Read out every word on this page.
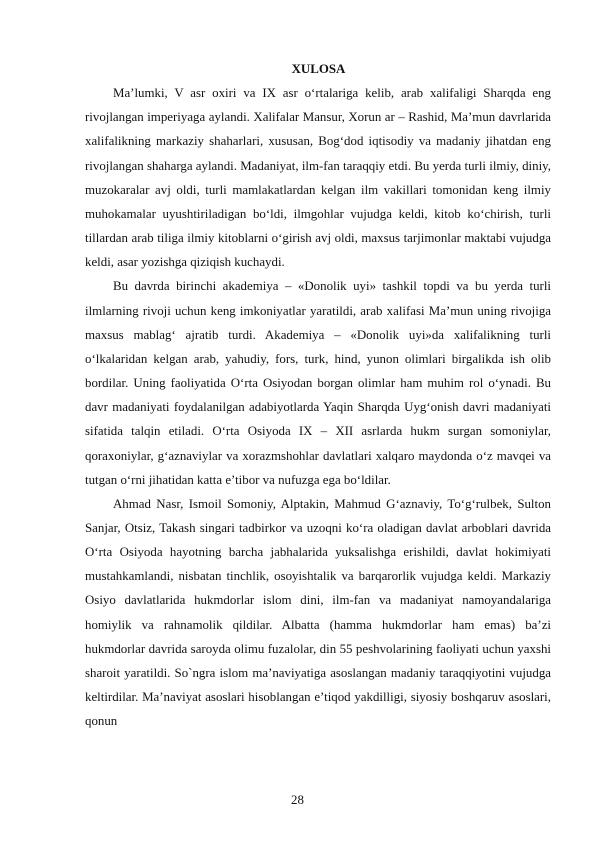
XULOSA

Ma’lumki, V asr oxiri va IX asr o‘rtalariga kelib, arab xalifaligi Sharqda eng rivojlangan imperiyaga aylandi. Xalifalar Mansur, Xorun ar – Rashid, Ma’mun davrlarida xalifalikning markaziy shaharlari, xususan, Bog‘dod iqtisodiy va madaniy jihatdan eng rivojlangan shaharga aylandi. Madaniyat, ilm-fan taraqqiy etdi. Bu yerda turli ilmiy, diniy, muzokaralar avj oldi, turli mamlakatlardan kelgan ilm vakillari tomonidan keng ilmiy muhokamalar uyushtiriladigan bo‘ldi, ilmgohlar vujudga keldi, kitob ko‘chirish, turli tillardan arab tiliga ilmiy kitoblarni o‘girish avj oldi, maxsus tarjimonlar maktabi vujudga keldi, asar yozishga qiziqish kuchaydi.

Bu davrda birinchi akademiya – «Donolik uyi» tashkil topdi va bu yerda turli ilmlarning rivoji uchun keng imkoniyatlar yaratildi, arab xalifasi Ma’mun uning rivojiga maxsus mablag‘ ajratib turdi. Akademiya – «Donolik uyi»da xalifalikning turli o‘lkalaridan kelgan arab, yahudiy, fors, turk, hind, yunon olimlari birgalikda ish olib bordilar. Uning faoliyatida O‘rta Osiyodan borgan olimlar ham muhim rol o‘ynadi. Bu davr madaniyati foydalanilgan adabiyotlarda Yaqin Sharqda Uyg‘onish davri madaniyati sifatida talqin etiladi. O‘rta Osiyoda IX – XII asrlarda hukm surgan somoniylar, qoraxoniylar, g‘aznaviylar va xorazmshohlar davlatlari xalqaro maydonda o‘z mavqei va tutgan o‘rni jihatidan katta e’tibor va nufuzga ega bo‘ldilar.

Ahmad Nasr, Ismoil Somoniy, Alptakin, Mahmud G‘aznaviy, To‘g‘rulbek, Sulton Sanjar, Otsiz, Takash singari tadbirkor va uzoqni ko‘ra oladigan davlat arboblari davrida O‘rta Osiyoda hayotning barcha jabhalarida yuksalishga erishildi, davlat hokimiyati mustahkamlandi, nisbatan tinchlik, osoyishtalik va barqarorlik vujudga keldi. Markaziy Osiyo davlatlarida hukmdorlar islom dini, ilm-fan va madaniyat namoyandalariga homiylik va rahnamolik qildilar. Albatta (hamma hukmdorlar ham emas) ba’zi hukmdorlar davrida saroyda olimu fuzalolar, din 55 peshvolarining faoliyati uchun yaxshi sharoit yaratildi. So`ngra islom ma’naviyatiga asoslangan madaniy taraqqiyotini vujudga keltirdilar. Ma’naviyat asoslari hisoblangan e’tiqod yakdilligi, siyosiy boshqaruv asoslari, qonun

28
